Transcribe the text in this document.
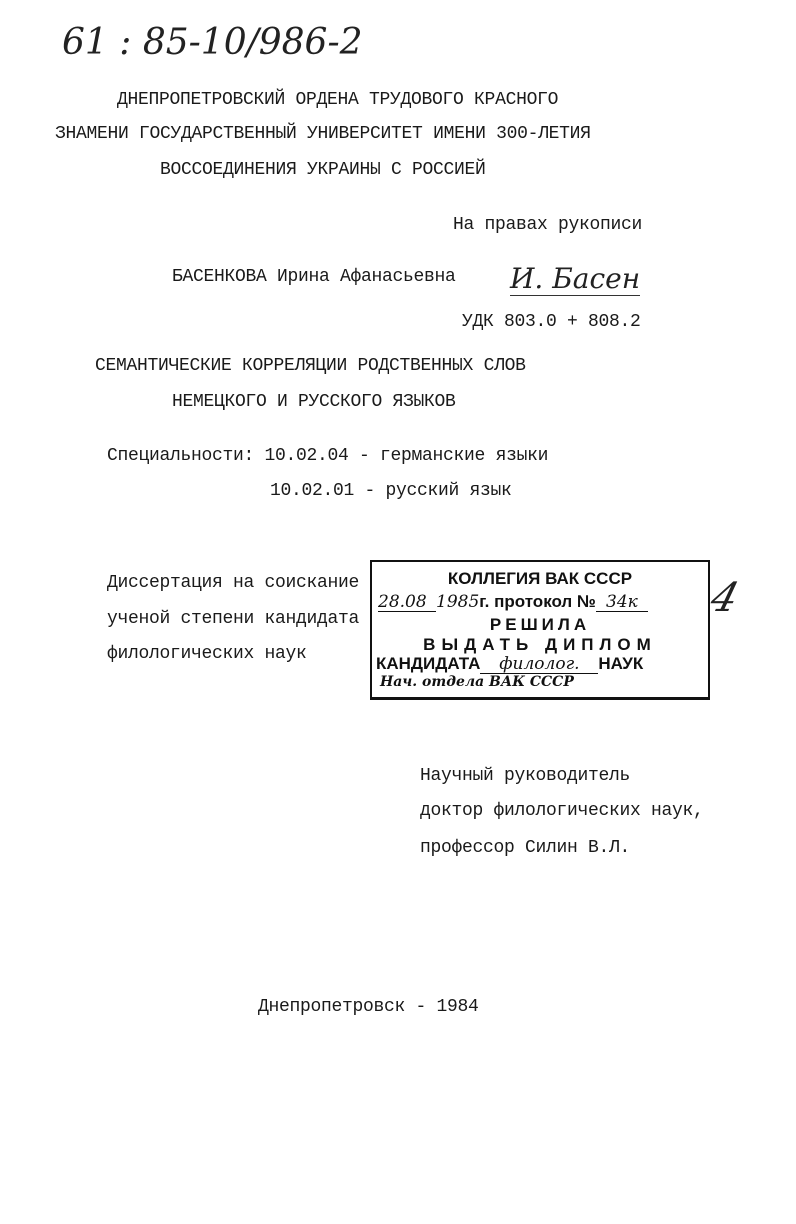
61 : 85-10/986-2
ДНЕПРОПЕТРОВСКИЙ ОРДЕНА ТРУДОВОГО КРАСНОГО
ЗНАМЕНИ ГОСУДАРСТВЕННЫЙ УНИВЕРСИТЕТ ИМЕНИ 300-ЛЕТИЯ
ВОССОЕДИНЕНИЯ УКРАИНЫ С РОССИЕЙ
На правах рукописи
БАСЕНКОВА Ирина Афанасьевна И. Басен
УДК 803.0 + 808.2
СЕМАНТИЧЕСКИЕ КОРРЕЛЯЦИИ РОДСТВЕННЫХ СЛОВ
НЕМЕЦКОГО И РУССКОГО ЯЗЫКОВ
Специальности: 10.02.04 - германские языки
10.02.01 - русский язык
Диссертация на соискание
ученой степени кандидата
филологических наук
КОЛЛЕГИЯ ВАК СССР
28.08 1985г. протокол № 34к
РЕШИЛА
ВЫДАТЬ ДИПЛОМ
КАНДИДАТА филолог. НАУК
Нач. отдела ВАК СССР
4
Научный руководитель
доктор филологических наук,
профессор Силин В.Л.
Днепропетровск - 1984
